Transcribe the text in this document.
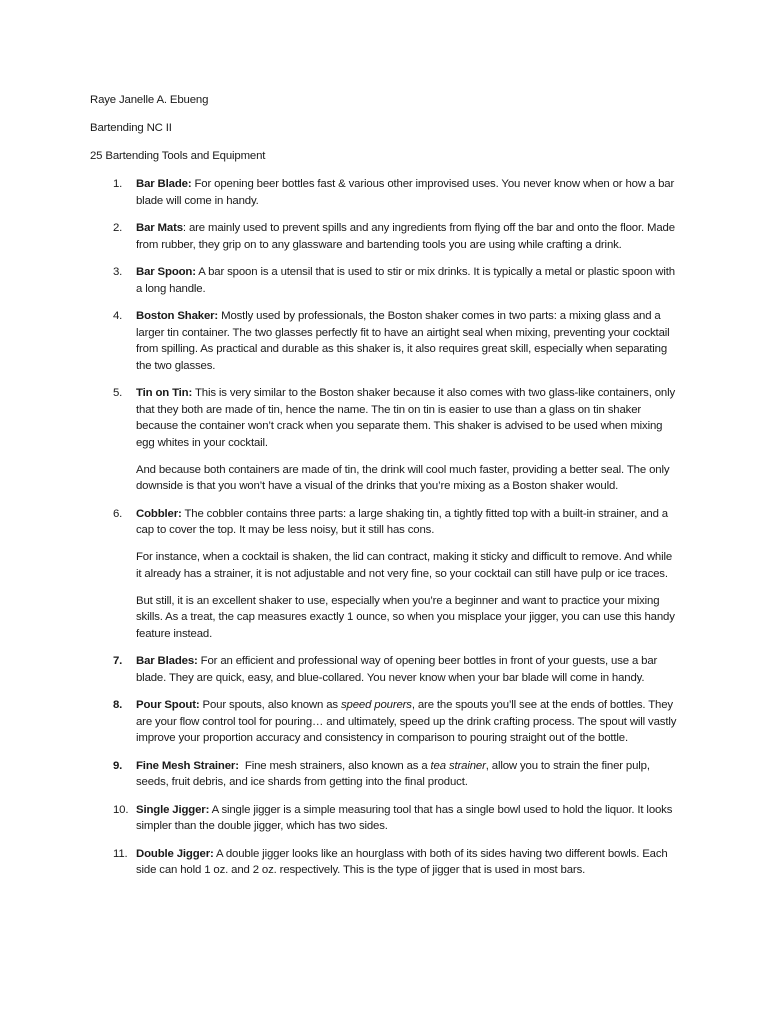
Raye Janelle A. Ebueng

Bartending NC II

25 Bartending Tools and Equipment

1. Bar Blade: For opening beer bottles fast & various other improvised uses. You never know when or how a bar blade will come in handy.

2. Bar Mats: are mainly used to prevent spills and any ingredients from flying off the bar and onto the floor. Made from rubber, they grip on to any glassware and bartending tools you are using while crafting a drink.

3. Bar Spoon: A bar spoon is a utensil that is used to stir or mix drinks. It is typically a metal or plastic spoon with a long handle.

4. Boston Shaker: Mostly used by professionals, the Boston shaker comes in two parts: a mixing glass and a larger tin container. The two glasses perfectly fit to have an airtight seal when mixing, preventing your cocktail from spilling. As practical and durable as this shaker is, it also requires great skill, especially when separating the two glasses.

5. Tin on Tin: This is very similar to the Boston shaker because it also comes with two glass-like containers, only that they both are made of tin, hence the name. The tin on tin is easier to use than a glass on tin shaker because the container won’t crack when you separate them. This shaker is advised to be used when mixing egg whites in your cocktail.

And because both containers are made of tin, the drink will cool much faster, providing a better seal. The only downside is that you won’t have a visual of the drinks that you’re mixing as a Boston shaker would.

6. Cobbler: The cobbler contains three parts: a large shaking tin, a tightly fitted top with a built-in strainer, and a cap to cover the top. It may be less noisy, but it still has cons.

For instance, when a cocktail is shaken, the lid can contract, making it sticky and difficult to remove. And while it already has a strainer, it is not adjustable and not very fine, so your cocktail can still have pulp or ice traces.

But still, it is an excellent shaker to use, especially when you’re a beginner and want to practice your mixing skills. As a treat, the cap measures exactly 1 ounce, so when you misplace your jigger, you can use this handy feature instead.

7. Bar Blades: For an efficient and professional way of opening beer bottles in front of your guests, use a bar blade. They are quick, easy, and blue-collared. You never know when your bar blade will come in handy.

8. Pour Spout: Pour spouts, also known as speed pourers, are the spouts you’ll see at the ends of bottles. They are your flow control tool for pouring… and ultimately, speed up the drink crafting process. The spout will vastly improve your proportion accuracy and consistency in comparison to pouring straight out of the bottle.

9. Fine Mesh Strainer: Fine mesh strainers, also known as a tea strainer, allow you to strain the finer pulp, seeds, fruit debris, and ice shards from getting into the final product.

10. Single Jigger: A single jigger is a simple measuring tool that has a single bowl used to hold the liquor. It looks simpler than the double jigger, which has two sides.

11. Double Jigger: A double jigger looks like an hourglass with both of its sides having two different bowls. Each side can hold 1 oz. and 2 oz. respectively. This is the type of jigger that is used in most bars.
